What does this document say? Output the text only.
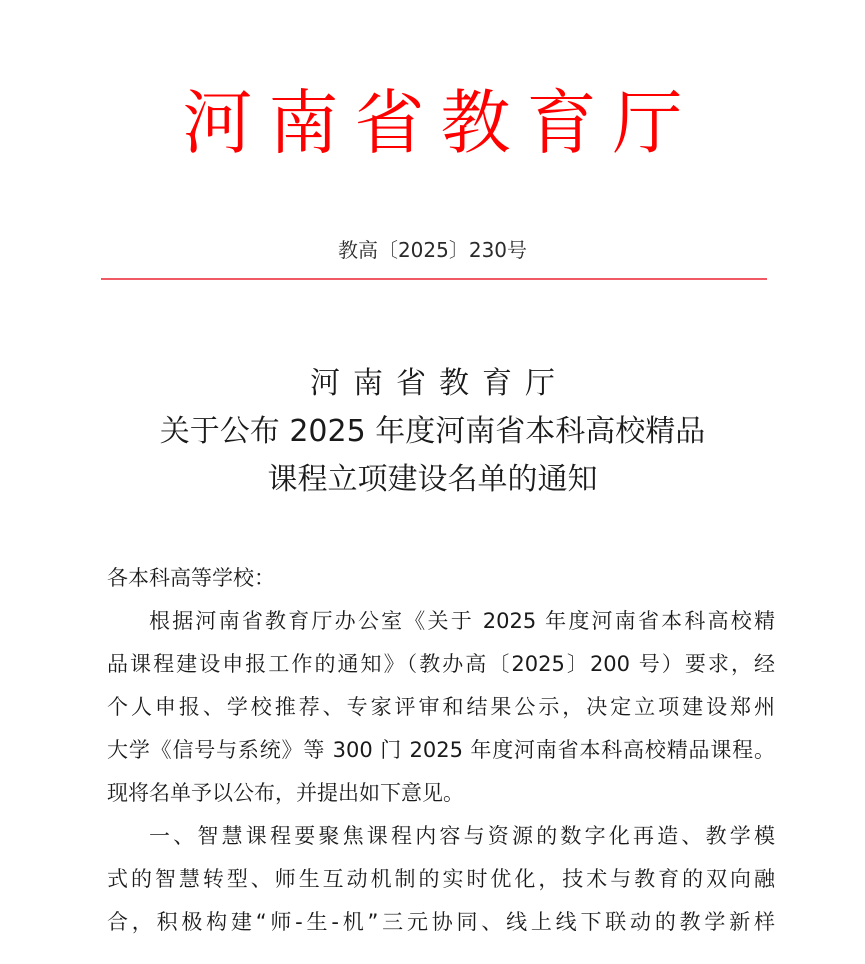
河南省教育厅
教高〔2025〕230号
河南省教育厅
关于公布 2025 年度河南省本科高校精品
课程立项建设名单的通知
各本科高等学校：
根据河南省教育厅办公室《关于 2025 年度河南省本科高校精
品课程建设申报工作的通知》（教办高〔2025〕200 号）要求，经
个人申报、学校推荐、专家评审和结果公示，决定立项建设郑州
大学《信号与系统》等 300 门 2025 年度河南省本科高校精品课程。
现将名单予以公布，并提出如下意见。
一、智慧课程要聚焦课程内容与资源的数字化再造、教学模
式的智慧转型、师生互动机制的实时优化，技术与教育的双向融
合，积极构建“师-生-机”三元协同、线上线下联动的教学新样
